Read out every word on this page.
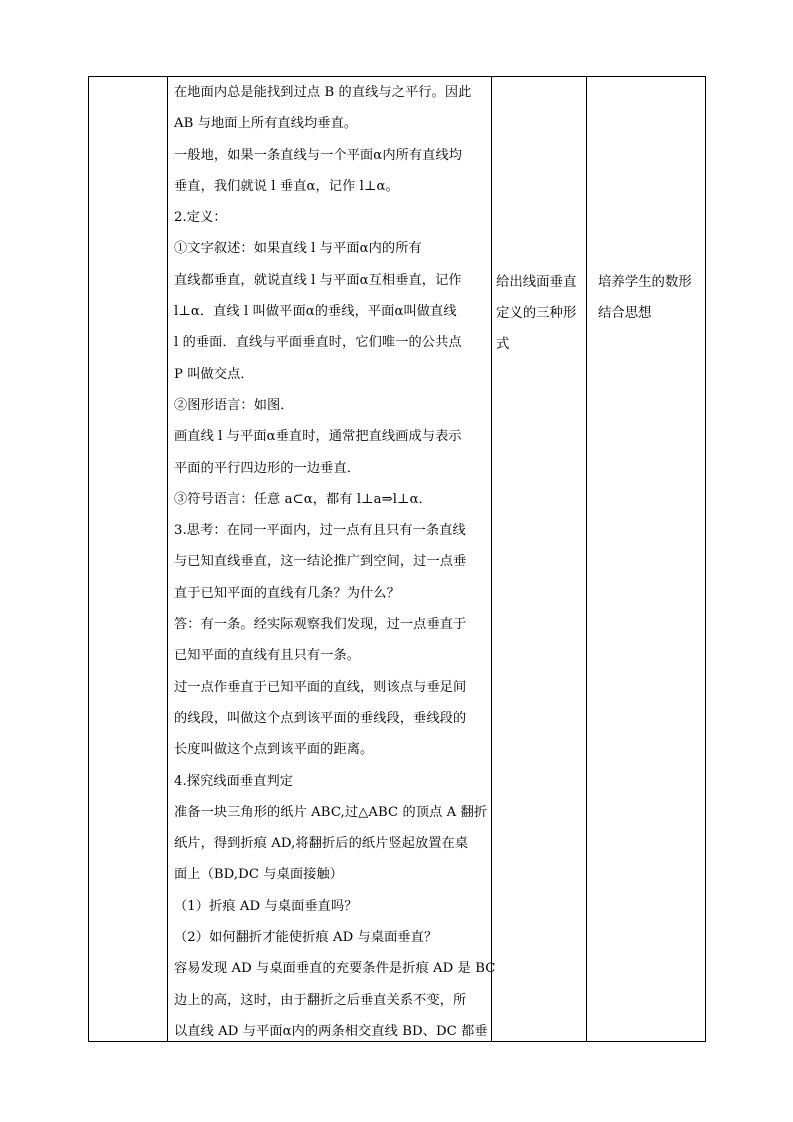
在地面内总是能找到过点 B 的直线与之平行。因此

AB 与地面上所有直线均垂直。

一般地，如果一条直线与一个平面α内所有直线均

垂直，我们就说 l 垂直α，记作 l⊥α。

2.定义：

①文字叙述：如果直线 l 与平面α内的所有

直线都垂直，就说直线 l 与平面α互相垂直，记作

l⊥α．直线 l 叫做平面α的垂线，平面α叫做直线

l 的垂面．直线与平面垂直时，它们唯一的公共点

P 叫做交点．

②图形语言：如图．

画直线 l 与平面α垂直时，通常把直线画成与表示

平面的平行四边形的一边垂直．

③符号语言：任意 a⊂α，都有 l⊥a⇒l⊥α．

3.思考：在同一平面内，过一点有且只有一条直线

与已知直线垂直，这一结论推广到空间，过一点垂

直于已知平面的直线有几条？为什么？

答：有一条。经实际观察我们发现，过一点垂直于

已知平面的直线有且只有一条。

过一点作垂直于已知平面的直线，则该点与垂足间

的线段，叫做这个点到该平面的垂线段，垂线段的

长度叫做这个点到该平面的距离。

4.探究线面垂直判定

准备一块三角形的纸片 ABC,过△ABC 的顶点 A 翻折

纸片，得到折痕 AD,将翻折后的纸片竖起放置在桌

面上（BD,DC 与桌面接触）

（1）折痕 AD 与桌面垂直吗？

（2）如何翻折才能使折痕 AD 与桌面垂直？

容易发现 AD 与桌面垂直的充要条件是折痕 AD 是 BC

边上的高，这时，由于翻折之后垂直关系不变，所

以直线 AD 与平面α内的两条相交直线 BD、DC 都垂

给出线面垂直
定义的三种形
式
培养学生的数形
结合思想
